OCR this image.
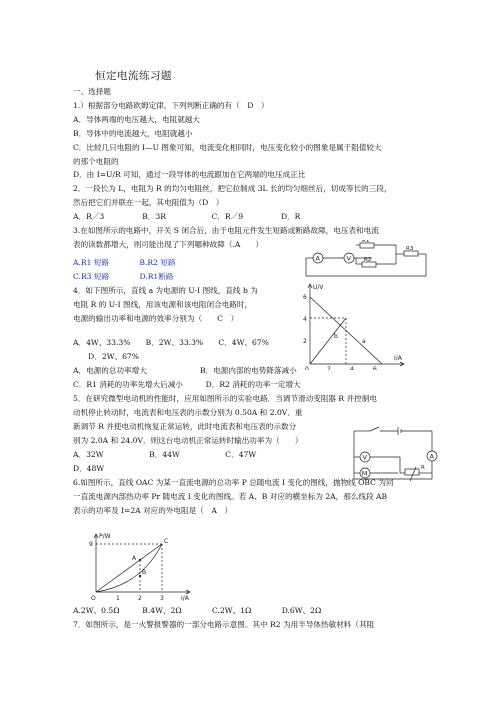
恒定电流练习题
一、选择题
1.）根据部分电路欧姆定律，下列判断正确的有（　D　）
A．导体两端的电压越大，电阻就越大
B．导体中的电流越大，电阻就越小
C．比较几只电阻的 I—U 图象可知，电流变化相同时，电压变化较小的图象是属于阻值较大
的那个电阻的
D．由 I=U/R 可知，通过一段导体的电流跟加在它两端的电压成正比
2．一段长为 L，电阻为 R 的均匀电阻丝，把它拉制成 3L 长的均匀细丝后，切成等长的三段，
然后把它们并联在一起，其电阻值为（D　）
A．R／3　　　　　B．3R　　　　　　C．R／9　　　　　D．R
3.在如图所示的电路中，开关 S 闭合后，由于电阻元件发生短路或断路故障，电压表和电流
表的读数都增大，则可能出现了下列哪种故障（.A　　）
A.R1 短路　　　　B.R2 短路
C.R3 短路　　　　D.R1断路
4．如下图所示，直线 a 为电源的 U-I 图线，直线 b 为
电阻 R 的 U-I 图线，用该电源和该电阻闭合电路时，
电源的输出功率和电源的效率分别为（　　C　）
A．4W、33.3%　　B．2W、33.3%　　C．4W、67%
　　D．2W、67%
A．电源的总功率增大　　　　　　　B．电源内部的电势降落减小
C．R1 消耗的功率先增大后减小　　　D．R2 消耗的功率一定增大
5．在研究微型电动机的性能时，应用如图所示的实验电路．当调节滑动变阻器 R 并控制电
动机停止转动时，电流表和电压表的示数分别为 0.50A 和 2.0V．重
新调节 R 并使电动机恢复正常运转，此时电流表和电压表的示数分
别为 2.0A 和 24.0V．则这台电动机正常运转时输出功率为（　　）
A．32W　　　　　　B．44W　　　　　　C．47W
D．48W
6.如图所示，直线 OAC 为某一直流电源的总功率 P 总随电流 I 变化的图线，抛物线 OBC 为同
一直流电源内部热功率 Pr 随电流 I 变化的图线。若 A、B 对应的横坐标为 2A，那么线段 AB
表示的功率及 I=2A 对应的外电阻是（　A　）
A.2W、0.5Ω　　　B.4W、2Ω　　　　C.2W、1Ω　　　　D.6W、2Ω
7．如图所示，是一火警报警器的一部分电路示意图。其中 R2 为用半导体热敏材料（其阻
A	V
R1
R2
R3
U/V
I/A
6
4
2
0	2	4	6
a
b
V	A
M
R
P/W
I/A
9
O	1	2	3
A
B
C
